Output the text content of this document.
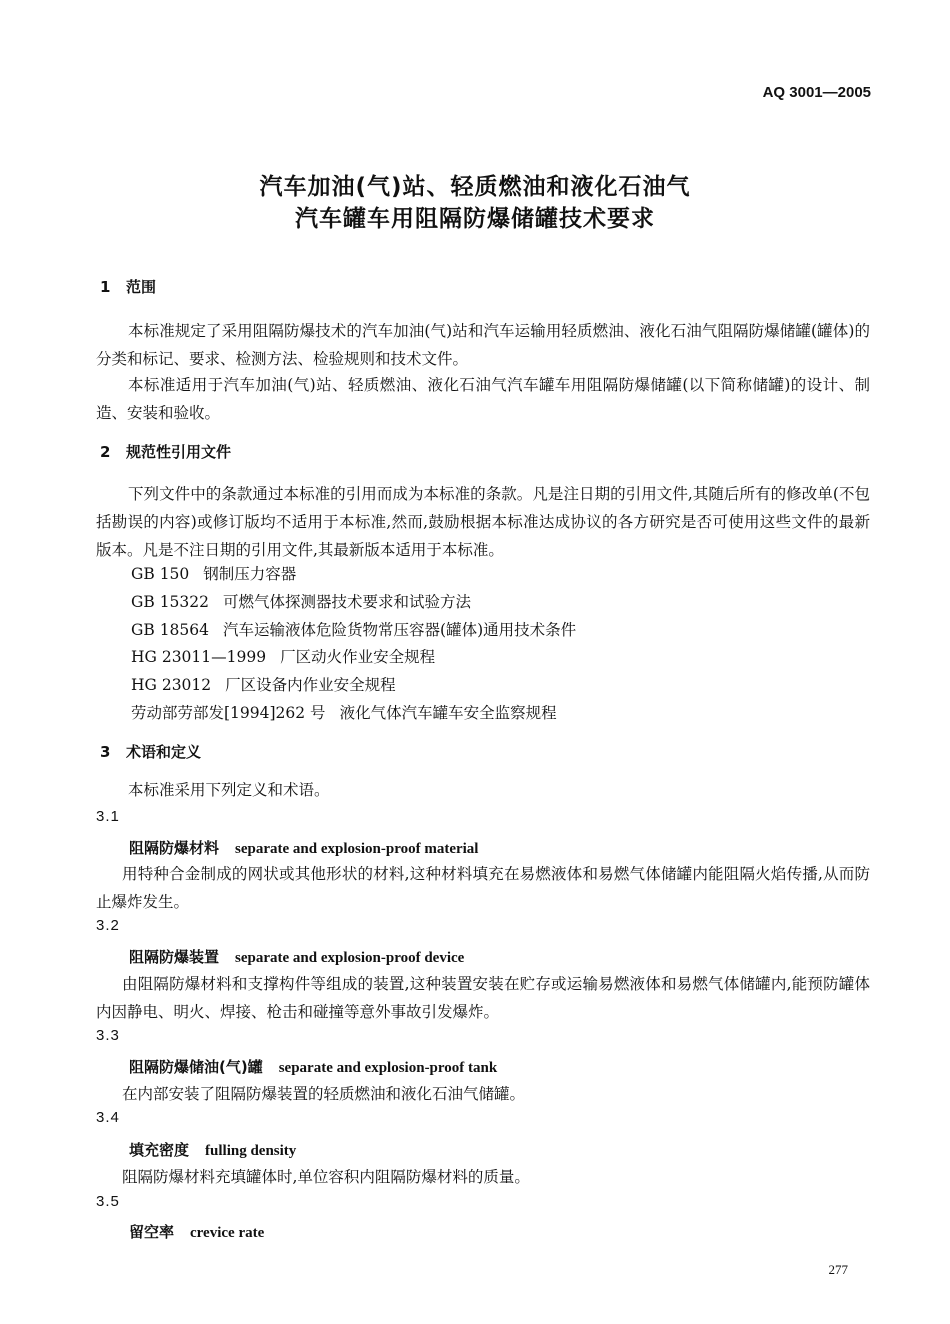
AQ 3001—2005
汽车加油(气)站、轻质燃油和液化石油气
汽车罐车用阻隔防爆储罐技术要求
1 范围
本标准规定了采用阻隔防爆技术的汽车加油(气)站和汽车运输用轻质燃油、液化石油气阻隔防爆储罐(罐体)的分类和标记、要求、检测方法、检验规则和技术文件。
本标准适用于汽车加油(气)站、轻质燃油、液化石油气汽车罐车用阻隔防爆储罐(以下简称储罐)的设计、制造、安装和验收。
2 规范性引用文件
下列文件中的条款通过本标准的引用而成为本标准的条款。凡是注日期的引用文件,其随后所有的修改单(不包括勘误的内容)或修订版均不适用于本标准,然而,鼓励根据本标准达成协议的各方研究是否可使用这些文件的最新版本。凡是不注日期的引用文件,其最新版本适用于本标准。
GB 150 钢制压力容器
GB 15322 可燃气体探测器技术要求和试验方法
GB 18564 汽车运输液体危险货物常压容器(罐体)通用技术条件
HG 23011—1999 厂区动火作业安全规程
HG 23012 厂区设备内作业安全规程
劳动部劳部发[1994]262 号 液化气体汽车罐车安全监察规程
3 术语和定义
本标准采用下列定义和术语。
3.1
阻隔防爆材料 separate and explosion-proof material
用特种合金制成的网状或其他形状的材料,这种材料填充在易燃液体和易燃气体储罐内能阻隔火焰传播,从而防止爆炸发生。
3.2
阻隔防爆装置 separate and explosion-proof device
由阻隔防爆材料和支撑构件等组成的装置,这种装置安装在贮存或运输易燃液体和易燃气体储罐内,能预防罐体内因静电、明火、焊接、枪击和碰撞等意外事故引发爆炸。
3.3
阻隔防爆储油(气)罐 separate and explosion-proof tank
在内部安装了阻隔防爆装置的轻质燃油和液化石油气储罐。
3.4
填充密度 fulling density
阻隔防爆材料充填罐体时,单位容积内阻隔防爆材料的质量。
3.5
留空率 crevice rate
277
